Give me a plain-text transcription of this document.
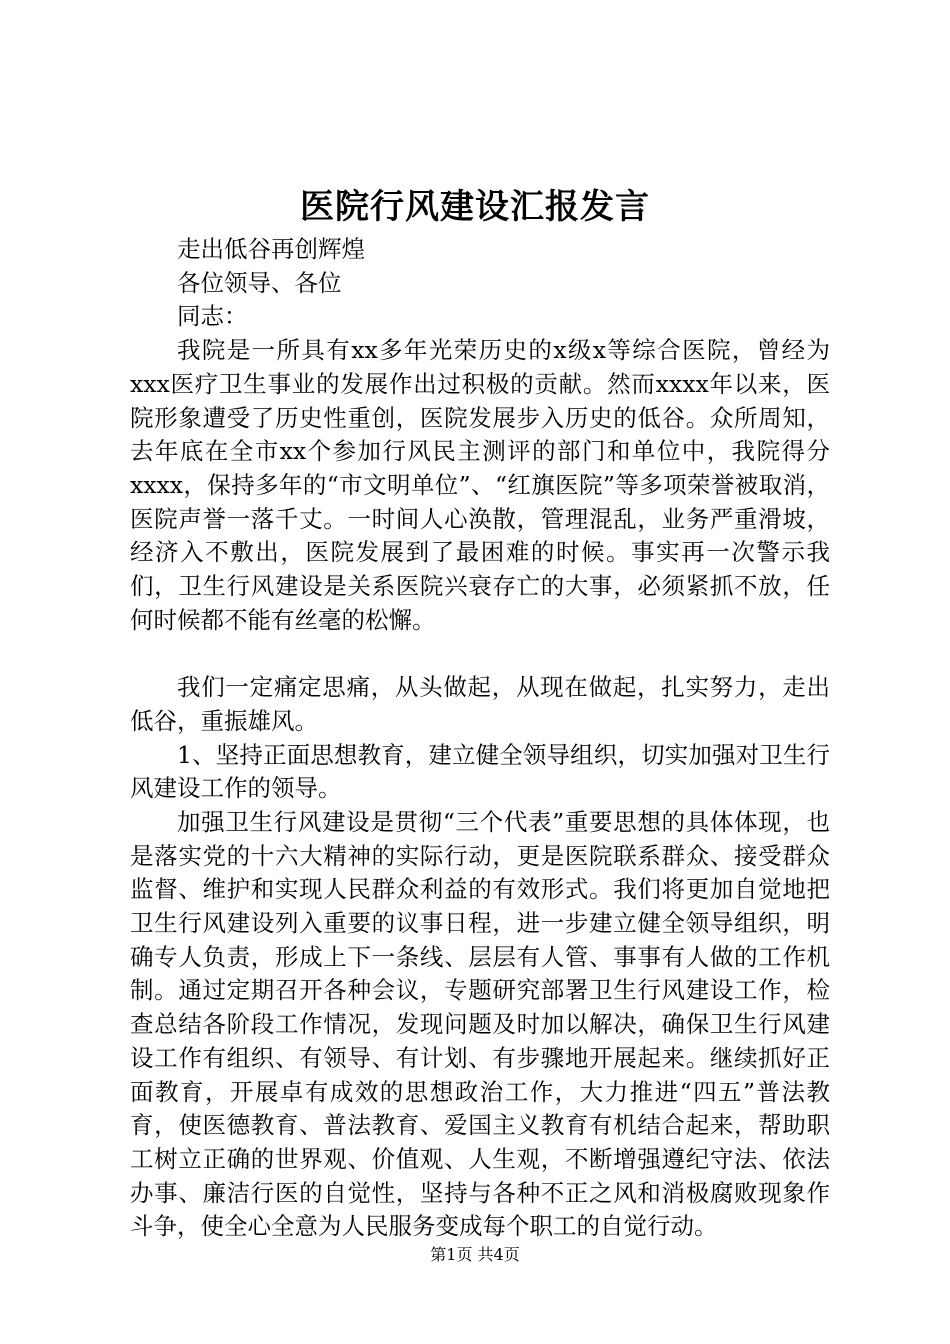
医院行风建设汇报发言

走出低谷再创辉煌

各位领导、各位

同志：

我院是一所具有xx多年光荣历史的x级x等综合医院，曾经为xxx医疗卫生事业的发展作出过积极的贡献。然而xxxx年以来，医院形象遭受了历史性重创，医院发展步入历史的低谷。众所周知，去年底在全市xx个参加行风民主测评的部门和单位中，我院得分xxxx，保持多年的“市文明单位”、“红旗医院”等多项荣誉被取消，医院声誉一落千丈。一时间人心涣散，管理混乱，业务严重滑坡，经济入不敷出，医院发展到了最困难的时候。事实再一次警示我们，卫生行风建设是关系医院兴衰存亡的大事，必须紧抓不放，任何时候都不能有丝毫的松懈。

我们一定痛定思痛，从头做起，从现在做起，扎实努力，走出低谷，重振雄风。

1、坚持正面思想教育，建立健全领导组织，切实加强对卫生行风建设工作的领导。

加强卫生行风建设是贯彻“三个代表”重要思想的具体体现，也是落实党的十六大精神的实际行动，更是医院联系群众、接受群众监督、维护和实现人民群众利益的有效形式。我们将更加自觉地把卫生行风建设列入重要的议事日程，进一步建立健全领导组织，明确专人负责，形成上下一条线、层层有人管、事事有人做的工作机制。通过定期召开各种会议，专题研究部署卫生行风建设工作，检查总结各阶段工作情况，发现问题及时加以解决，确保卫生行风建设工作有组织、有领导、有计划、有步骤地开展起来。继续抓好正面教育，开展卓有成效的思想政治工作，大力推进“四五”普法教育，使医德教育、普法教育、爱国主义教育有机结合起来，帮助职工树立正确的世界观、价值观、人生观，不断增强遵纪守法、依法办事、廉洁行医的自觉性，坚持与各种不正之风和消极腐败现象作斗争，使全心全意为人民服务变成每个职工的自觉行动。

第1页 共4页
